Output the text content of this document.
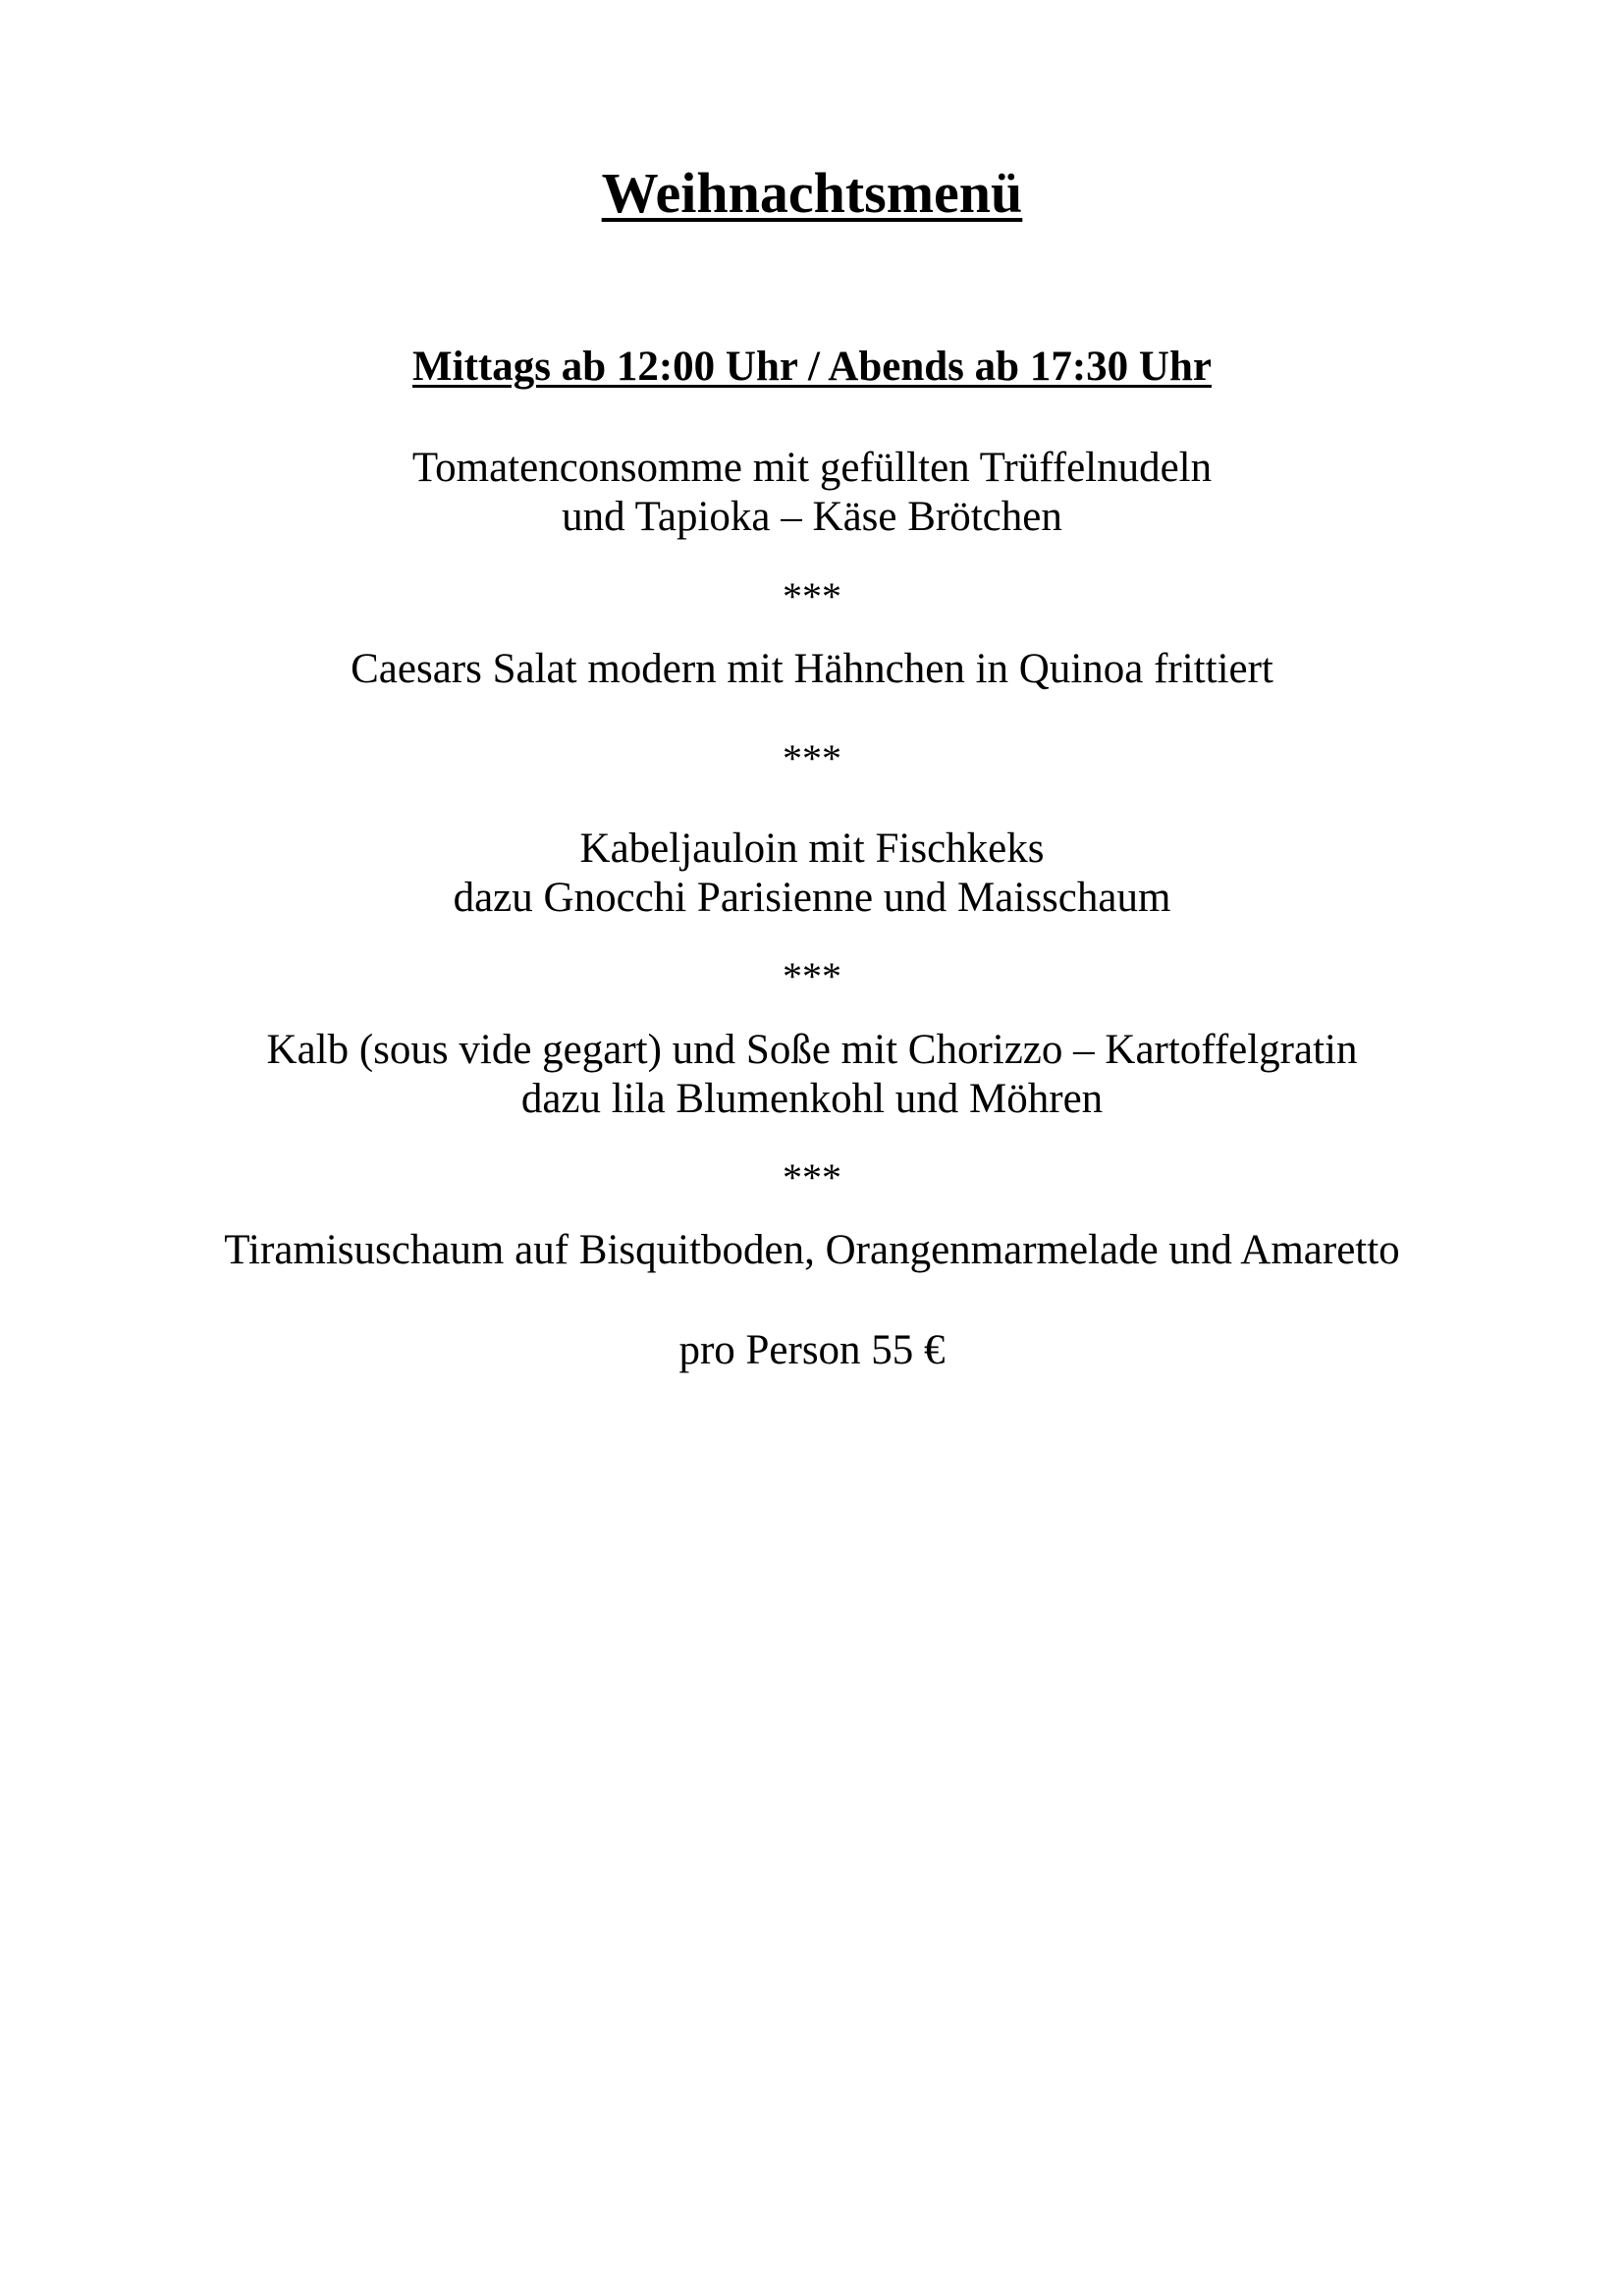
Weihnachtsmenü
Mittags ab 12:00 Uhr / Abends ab 17:30 Uhr
Tomatenconsomme mit gefüllten Trüffelnudeln
und Tapioka – Käse Brötchen
***
Caesars Salat modern mit Hähnchen in Quinoa frittiert
***
Kabeljauloin mit Fischkeks
dazu Gnocchi Parisienne und Maisschaum
***
Kalb (sous vide gegart) und Soße mit Chorizzo – Kartoffelgratin
dazu lila Blumenkohl und Möhren
***
Tiramisuschaum auf Bisquitboden, Orangenmarmelade und Amaretto
pro Person 55 €
